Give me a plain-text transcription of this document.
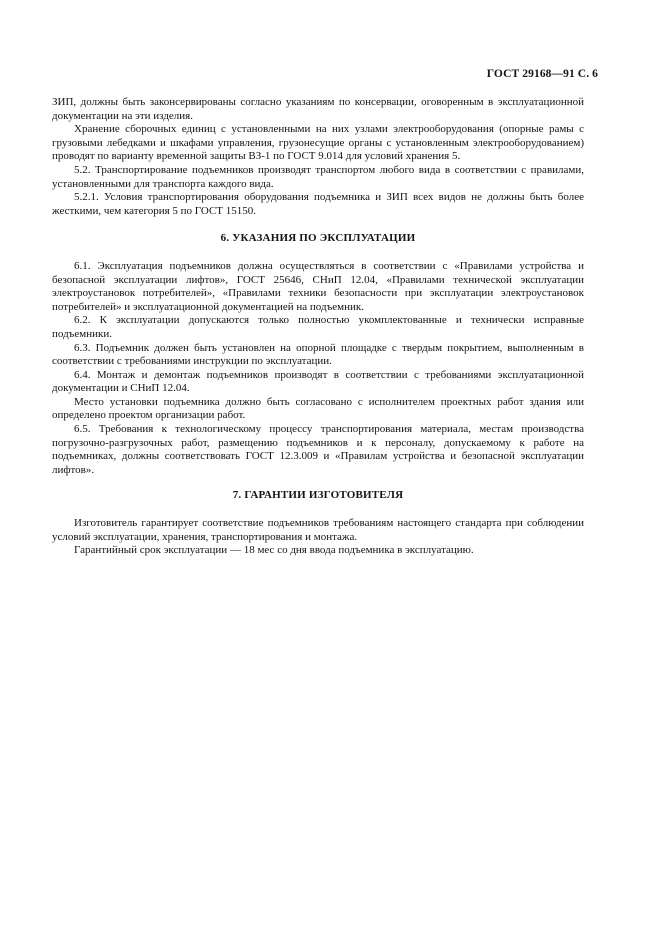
ГОСТ 29168—91 С. 6

ЗИП, должны быть законсервированы согласно указаниям по консервации, оговоренным в эксплуатационной документации на эти изделия.

Хранение сборочных единиц с установленными на них узлами электрооборудования (опорные рамы с грузовыми лебедками и шкафами управления, грузонесущие органы с установленным электрооборудованием) проводят по варианту временной защиты ВЗ-1 по ГОСТ 9.014 для условий хранения 5.

5.2. Транспортирование подъемников производят транспортом любого вида в соответствии с правилами, установленными для транспорта каждого вида.

5.2.1. Условия транспортирования оборудования подъемника и ЗИП всех видов не должны быть более жесткими, чем категория 5 по ГОСТ 15150.

6. УКАЗАНИЯ ПО ЭКСПЛУАТАЦИИ

6.1. Эксплуатация подъемников должна осуществляться в соответствии с «Правилами устройства и безопасной эксплуатации лифтов», ГОСТ 25646, СНиП 12.04, «Правилами технической эксплуатации электроустановок потребителей», «Правилами техники безопасности при эксплуатации электроустановок потребителей» и эксплуатационной документацией на подъемник.

6.2. К эксплуатации допускаются только полностью укомплектованные и технически исправные подъемники.

6.3. Подъемник должен быть установлен на опорной площадке с твердым покрытием, выполненным в соответствии с требованиями инструкции по эксплуатации.

6.4. Монтаж и демонтаж подъемников производят в соответствии с требованиями эксплуатационной документации и СНиП 12.04.

Место установки подъемника должно быть согласовано с исполнителем проектных работ здания или определено проектом организации работ.

6.5. Требования к технологическому процессу транспортирования материала, местам производства погрузочно-разгрузочных работ, размещению подъемников и к персоналу, допускаемому к работе на подъемниках, должны соответствовать ГОСТ 12.3.009 и «Правилам устройства и безопасной эксплуатации лифтов».

7. ГАРАНТИИ ИЗГОТОВИТЕЛЯ

Изготовитель гарантирует соответствие подъемников требованиям настоящего стандарта при соблюдении условий эксплуатации, хранения, транспортирования и монтажа.

Гарантийный срок эксплуатации — 18 мес со дня ввода подъемника в эксплуатацию.
